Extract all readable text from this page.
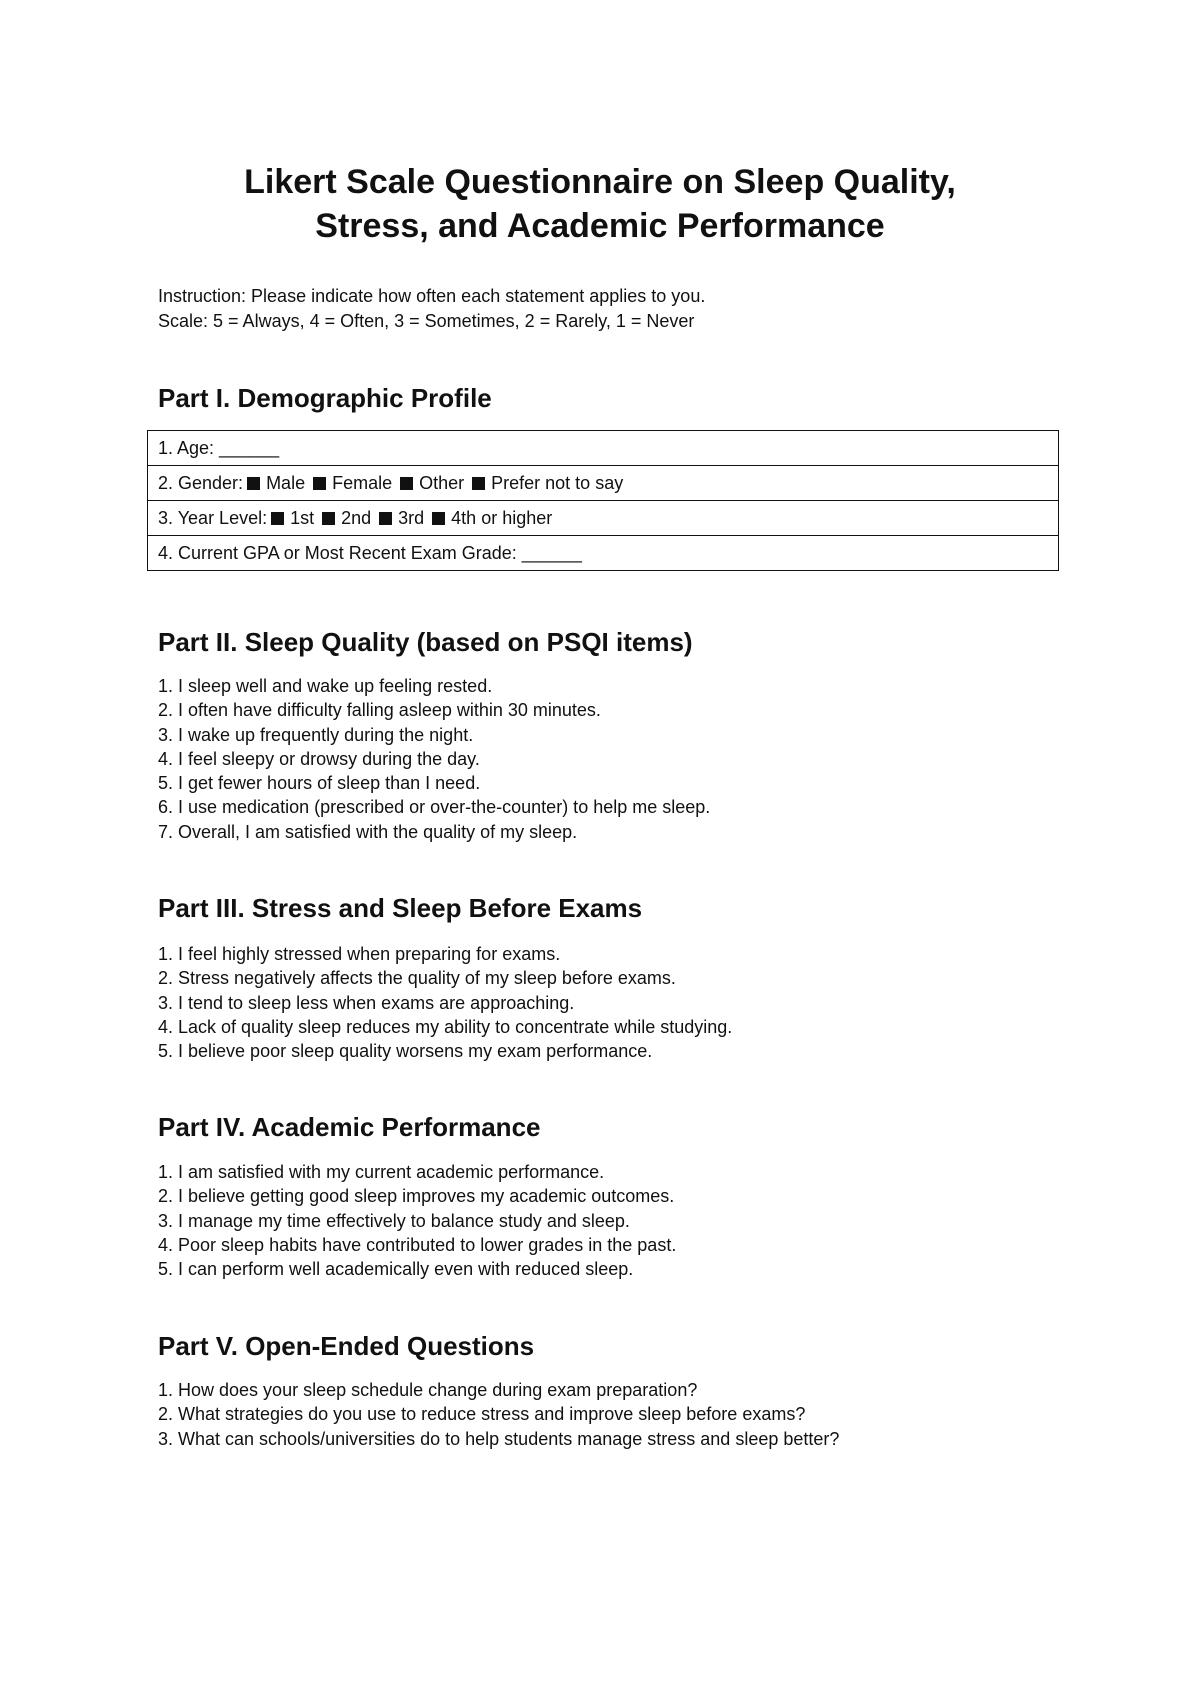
Likert Scale Questionnaire on Sleep Quality,
Stress, and Academic Performance
Instruction: Please indicate how often each statement applies to you.
Scale: 5 = Always, 4 = Often, 3 = Sometimes, 2 = Rarely, 1 = Never
Part I. Demographic Profile
1. Age: ______
2. Gender: Male Female Other Prefer not to say
3. Year Level: 1st 2nd 3rd 4th or higher
4. Current GPA or Most Recent Exam Grade: ______
Part II. Sleep Quality (based on PSQI items)
1. I sleep well and wake up feeling rested.
2. I often have difficulty falling asleep within 30 minutes.
3. I wake up frequently during the night.
4. I feel sleepy or drowsy during the day.
5. I get fewer hours of sleep than I need.
6. I use medication (prescribed or over-the-counter) to help me sleep.
7. Overall, I am satisfied with the quality of my sleep.
Part III. Stress and Sleep Before Exams
1. I feel highly stressed when preparing for exams.
2. Stress negatively affects the quality of my sleep before exams.
3. I tend to sleep less when exams are approaching.
4. Lack of quality sleep reduces my ability to concentrate while studying.
5. I believe poor sleep quality worsens my exam performance.
Part IV. Academic Performance
1. I am satisfied with my current academic performance.
2. I believe getting good sleep improves my academic outcomes.
3. I manage my time effectively to balance study and sleep.
4. Poor sleep habits have contributed to lower grades in the past.
5. I can perform well academically even with reduced sleep.
Part V. Open-Ended Questions
1. How does your sleep schedule change during exam preparation?
2. What strategies do you use to reduce stress and improve sleep before exams?
3. What can schools/universities do to help students manage stress and sleep better?
